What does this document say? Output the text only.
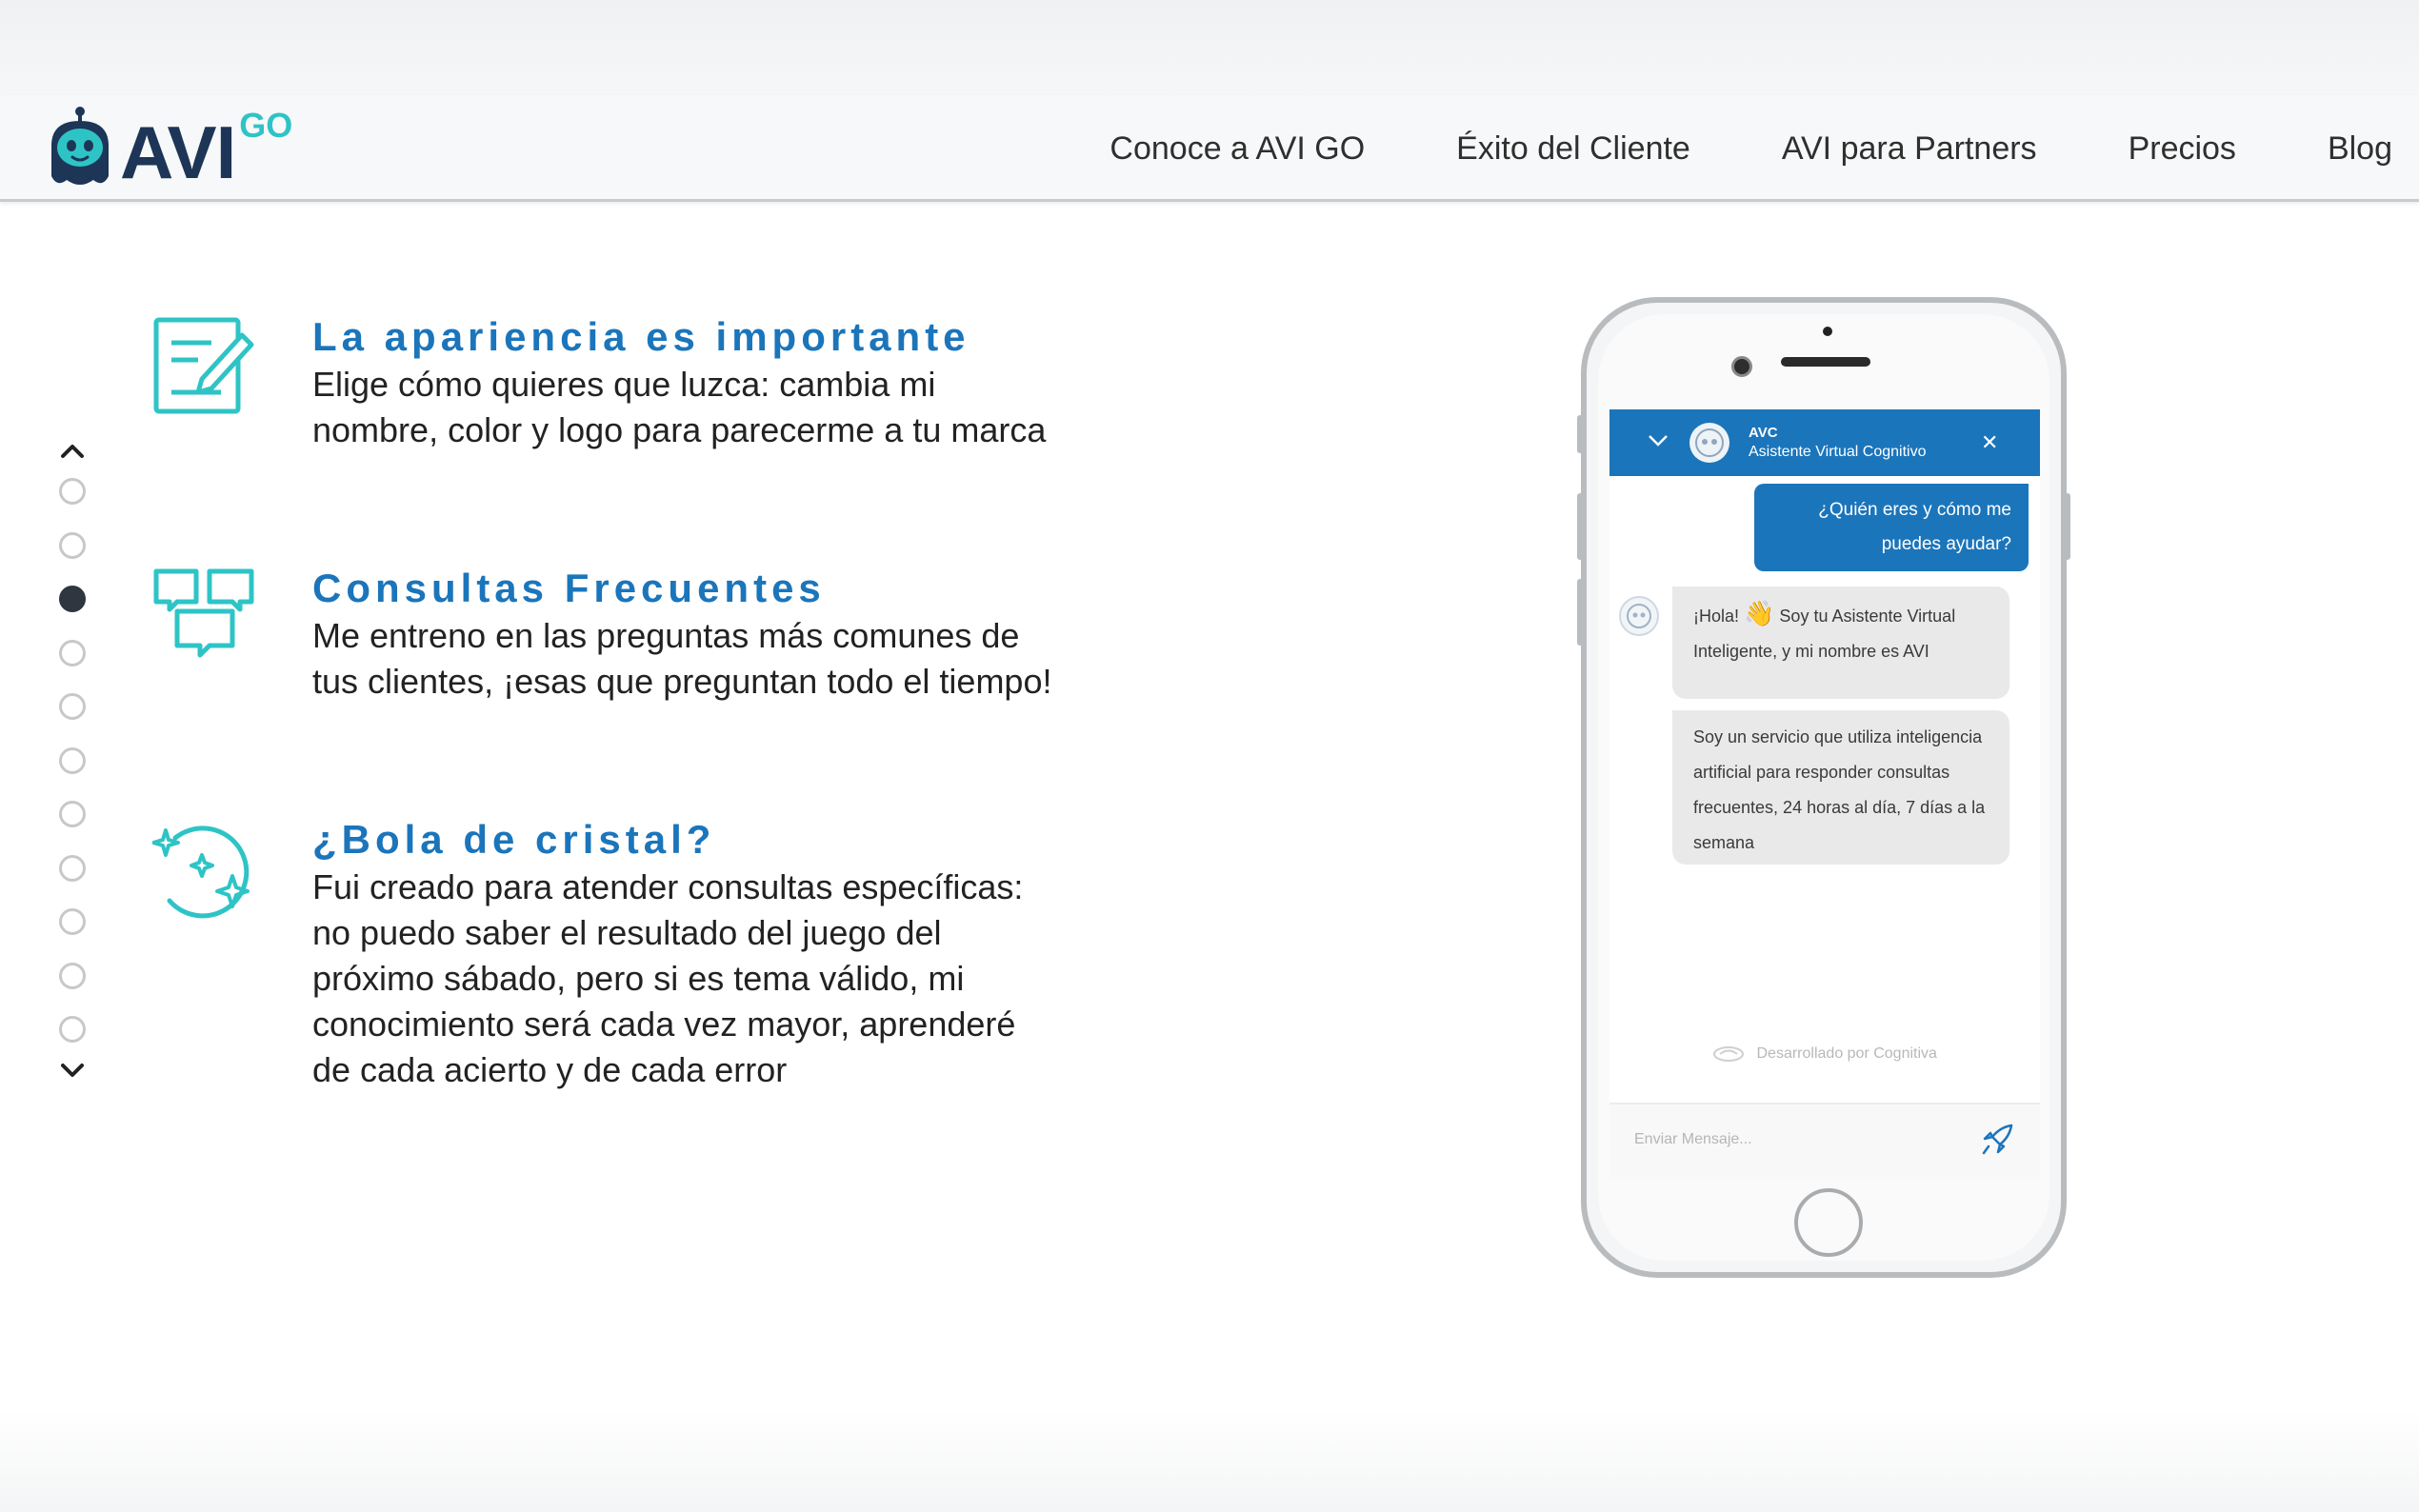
AVI GO
Conoce a AVI GO	Éxito del Cliente	AVI para Partners	Precios	Blog
La apariencia es importante

Elige cómo quieres que luzca: cambia mi nombre, color y logo para parecerme a tu marca

Consultas Frecuentes

Me entreno en las preguntas más comunes de tus clientes, ¡esas que preguntan todo el tiempo!

¿Bola de cristal?

Fui creado para atender consultas específicas: no puedo saber el resultado del juego del próximo sábado, pero si es tema válido, mi conocimiento será cada vez mayor, aprenderé de cada acierto y de cada error

AVC
Asistente Virtual Cognitivo	✕
¿Quién eres y cómo me puedes ayudar?
¡Hola! 👋 Soy tu Asistente Virtual Inteligente, y mi nombre es AVI
Soy un servicio que utiliza inteligencia artificial para responder consultas frecuentes, 24 horas al día, 7 días a la semana
Desarrollado por Cognitiva
Enviar Mensaje...
